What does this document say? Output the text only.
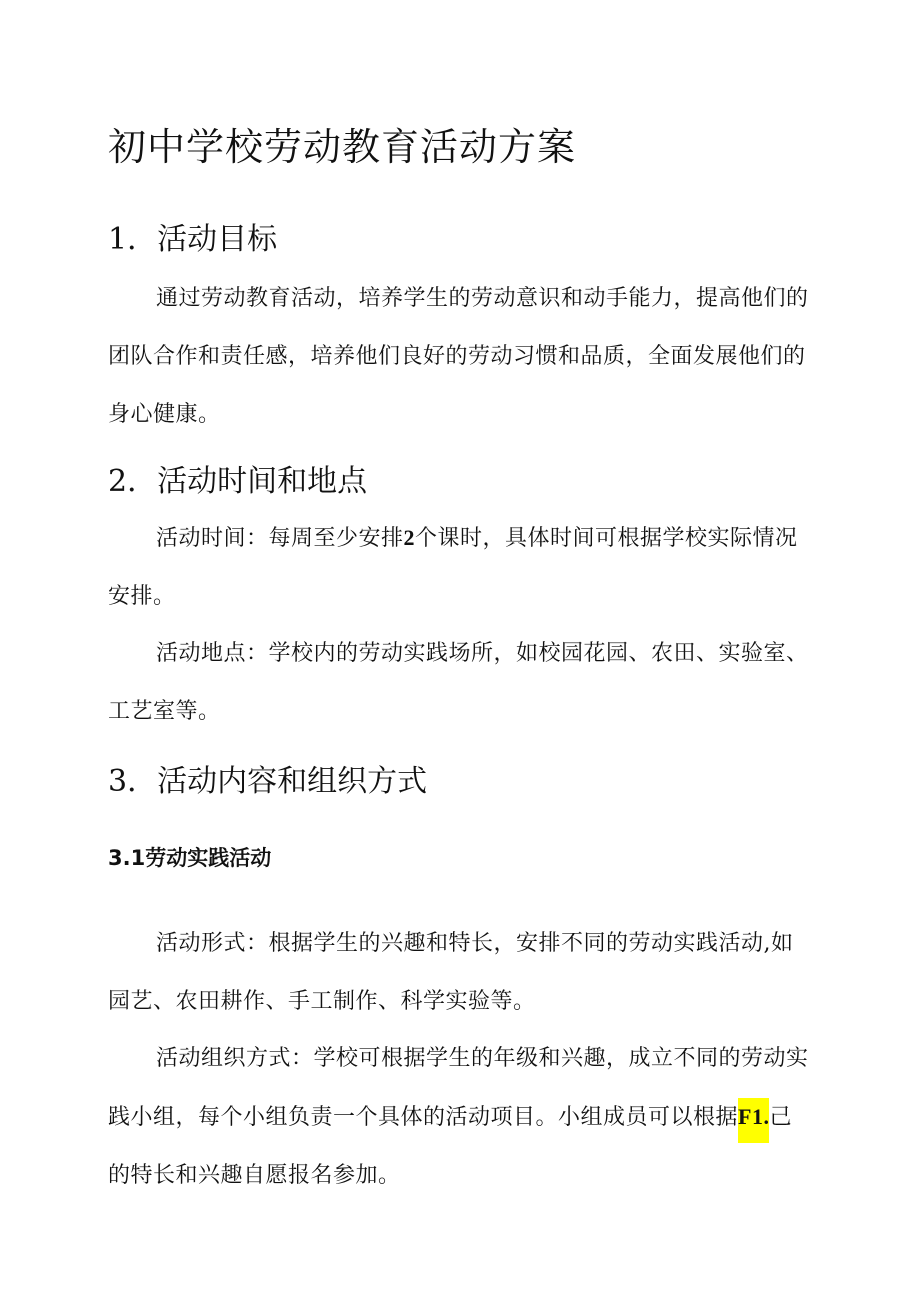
初中学校劳动教育活动方案
1．活动目标

通过劳动教育活动，培养学生的劳动意识和动手能力，提高他们的团队合作和责任感，培养他们良好的劳动习惯和品质，全面发展他们的身心健康。

2．活动时间和地点

活动时间：每周至少安排2个课时，具体时间可根据学校实际情况安排。

活动地点：学校内的劳动实践场所，如校园花园、农田、实验室、工艺室等。

3．活动内容和组织方式
3.1劳动实践活动

活动形式：根据学生的兴趣和特长，安排不同的劳动实践活动,如园艺、农田耕作、手工制作、科学实验等。

活动组织方式：学校可根据学生的年级和兴趣，成立不同的劳动实践小组，每个小组负责一个具体的活动项目。小组成员可以根据F1.己的特长和兴趣自愿报名参加。
